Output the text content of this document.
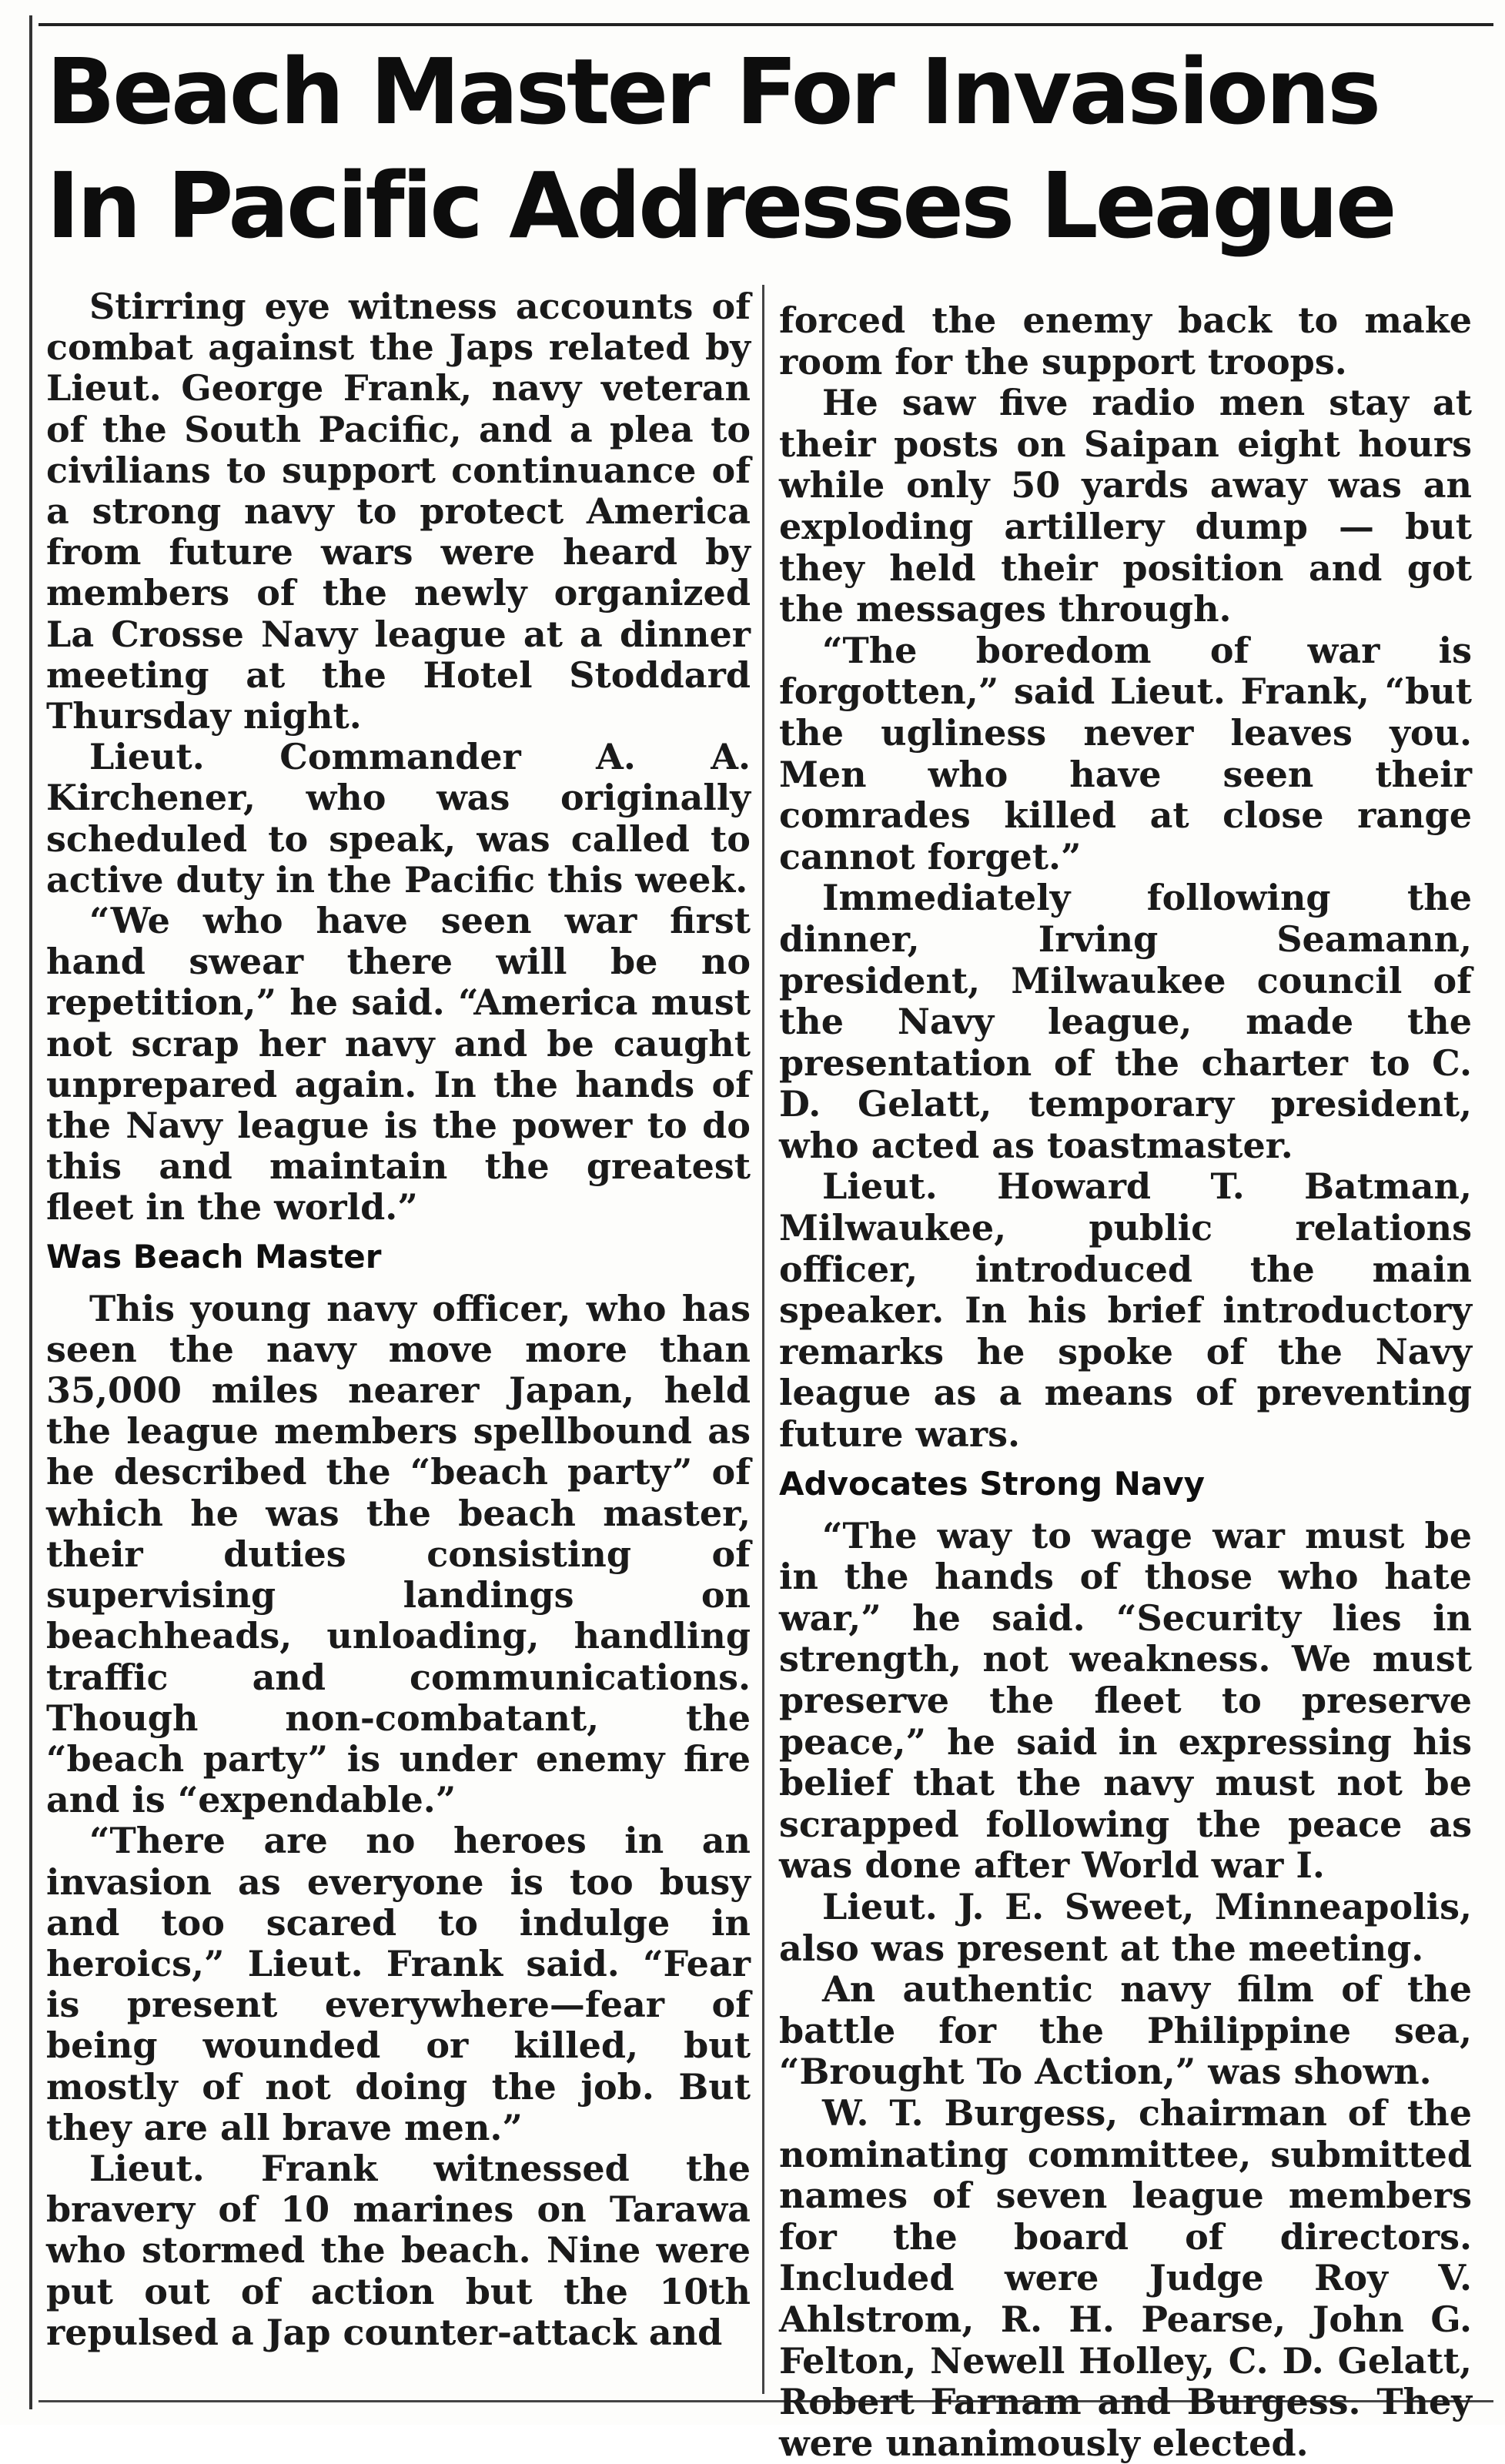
Beach Master For Invasions
In Pacific Addresses League

Stirring eye witness accounts of combat against the Japs related by Lieut. George Frank, navy veteran of the South Pacific, and a plea to civilians to support continuance of a strong navy to protect America from future wars were heard by members of the newly organized La Crosse Navy league at a dinner meeting at the Hotel Stoddard Thursday night.

Lieut. Commander A. A. Kirchener, who was originally scheduled to speak, was called to active duty in the Pacific this week.

“We who have seen war first hand swear there will be no repetition,” he said. “America must not scrap her navy and be caught unprepared again. In the hands of the Navy league is the power to do this and maintain the greatest fleet in the world.”

Was Beach Master

This young navy officer, who has seen the navy move more than 35,000 miles nearer Japan, held the league members spellbound as he described the “beach party” of which he was the beach master, their duties consisting of supervising landings on beachheads, unloading, handling traffic and communications. Though non-combatant, the “beach party” is under enemy fire and is “expendable.”

“There are no heroes in an invasion as everyone is too busy and too scared to indulge in heroics,” Lieut. Frank said. “Fear is present everywhere—fear of being wounded or killed, but mostly of not doing the job. But they are all brave men.”

Lieut. Frank witnessed the bravery of 10 marines on Tarawa who stormed the beach. Nine were put out of action but the 10th repulsed a Jap counter-attack and

forced the enemy back to make room for the support troops.

He saw five radio men stay at their posts on Saipan eight hours while only 50 yards away was an exploding artillery dump — but they held their position and got the messages through.

“The boredom of war is forgotten,” said Lieut. Frank, “but the ugliness never leaves you. Men who have seen their comrades killed at close range cannot forget.”

Immediately following the dinner, Irving Seamann, president, Milwaukee council of the Navy league, made the presentation of the charter to C. D. Gelatt, temporary president, who acted as toastmaster.

Lieut. Howard T. Batman, Milwaukee, public relations officer, introduced the main speaker. In his brief introductory remarks he spoke of the Navy league as a means of preventing future wars.

Advocates Strong Navy

“The way to wage war must be in the hands of those who hate war,” he said. “Security lies in strength, not weakness. We must preserve the fleet to preserve peace,” he said in expressing his belief that the navy must not be scrapped following the peace as was done after World war I.

Lieut. J. E. Sweet, Minneapolis, also was present at the meeting.

An authentic navy film of the battle for the Philippine sea, “Brought To Action,” was shown.

W. T. Burgess, chairman of the nominating committee, submitted names of seven league members for the board of directors. Included were Judge Roy V. Ahlstrom, R. H. Pearse, John G. Felton, Newell Holley, C. D. Gelatt, Robert Farnam and Burgess. They were unanimously elected.
